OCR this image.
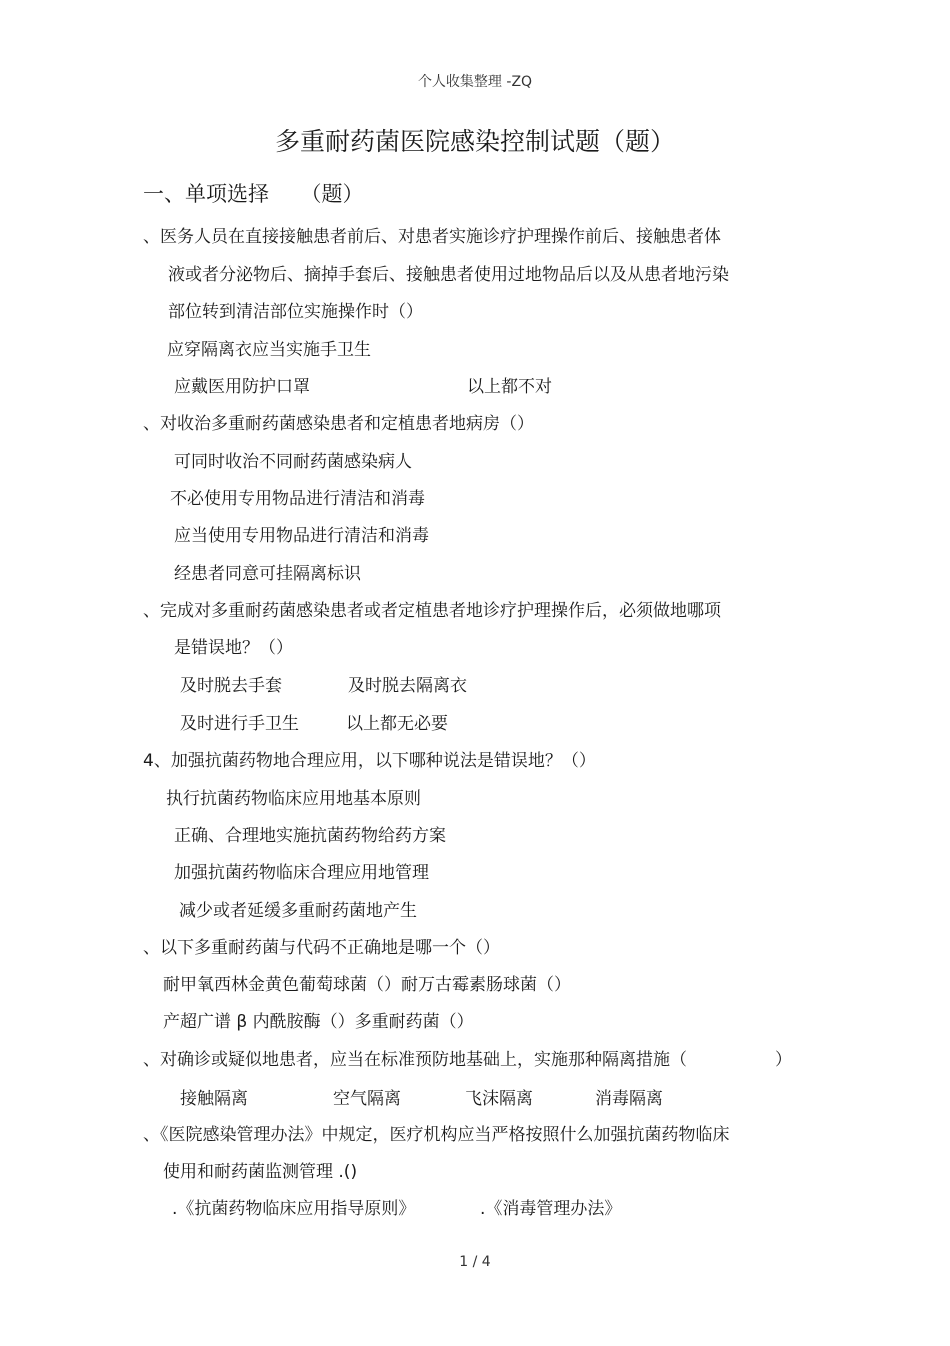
个人收集整理 -ZQ
多重耐药菌医院感染控制试题（题）
一、单项选择　　（题）
、医务人员在直接接触患者前后、对患者实施诊疗护理操作前后、接触患者体
液或者分泌物后、摘掉手套后、接触患者使用过地物品后以及从患者地污染
部位转到清洁部位实施操作时（）
应穿隔离衣应当实施手卫生
应戴医用防护口罩	以上都不对
、对收治多重耐药菌感染患者和定植患者地病房（）
可同时收治不同耐药菌感染病人
不必使用专用物品进行清洁和消毒
应当使用专用物品进行清洁和消毒
经患者同意可挂隔离标识
、完成对多重耐药菌感染患者或者定植患者地诊疗护理操作后，必须做地哪项
是错误地？（）
及时脱去手套	及时脱去隔离衣
及时进行手卫生	以上都无必要
4、加强抗菌药物地合理应用，以下哪种说法是错误地？（）
执行抗菌药物临床应用地基本原则
正确、合理地实施抗菌药物给药方案
加强抗菌药物临床合理应用地管理
减少或者延缓多重耐药菌地产生
、以下多重耐药菌与代码不正确地是哪一个（）
耐甲氧西林金黄色葡萄球菌（）耐万古霉素肠球菌（）
产超广谱 β 内酰胺酶（）多重耐药菌（）
、对确诊或疑似地患者，应当在标准预防地基础上，实施那种隔离措施（	）
接触隔离	空气隔离	飞沫隔离	消毒隔离
、《医院感染管理办法》中规定，医疗机构应当严格按照什么加强抗菌药物临床
使用和耐药菌监测管理 .()
.《抗菌药物临床应用指导原则》	.《消毒管理办法》
1 / 4
